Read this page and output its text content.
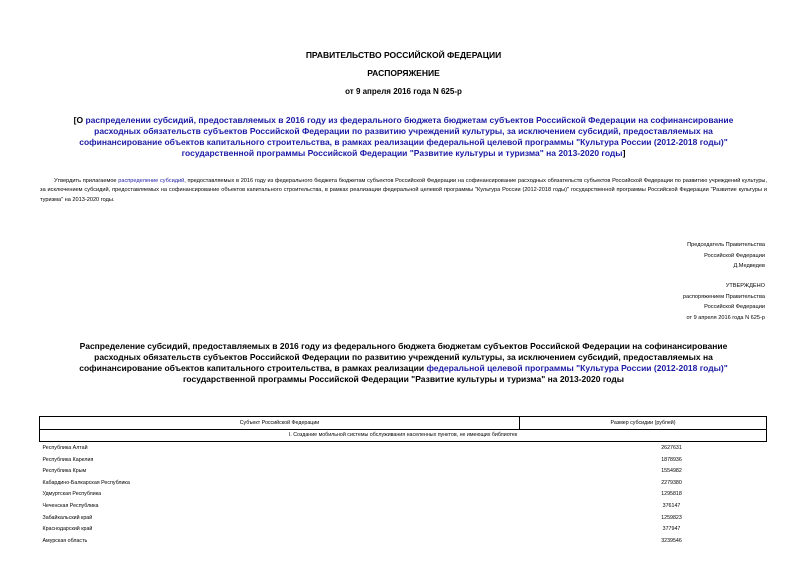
ПРАВИТЕЛЬСТВО РОССИЙСКОЙ ФЕДЕРАЦИИ
РАСПОРЯЖЕНИЕ
от 9 апреля 2016 года N 625-р
[О распределении субсидий, предоставляемых в 2016 году из федерального бюджета бюджетам субъектов Российской Федерации на софинансирование расходных обязательств субъектов Российской Федерации по развитию учреждений культуры, за исключением субсидий, предоставляемых на софинансирование объектов капитального строительства, в рамках реализации федеральной целевой программы "Культура России (2012-2018 годы)" государственной программы Российской Федерации "Развитие культуры и туризма" на 2013-2020 годы]
Утвердить прилагаемое распределение субсидий, предоставляемых в 2016 году из федерального бюджета бюджетам субъектов Российской Федерации на софинансирование расходных обязательств субъектов Российской Федерации по развитию учреждений культуры, за исключением субсидий, предоставляемых на софинансирование объектов капитального строительства, в рамках реализации федеральной целевой программы "Культура России (2012-2018 годы)" государственной программы Российской Федерации "Развитие культуры и туризма" на 2013-2020 годы.
Председатель Правительства
Российской Федерации
Д.Медведев
УТВЕРЖДЕНО
распоряжением Правительства
Российской Федерации
от 9 апреля 2016 года N 625-р
Распределение субсидий, предоставляемых в 2016 году из федерального бюджета бюджетам субъектов Российской Федерации на софинансирование расходных обязательств субъектов Российской Федерации по развитию учреждений культуры, за исключением субсидий, предоставляемых на софинансирование объектов капитального строительства, в рамках реализации федеральной целевой программы "Культура России (2012-2018 годы)" государственной программы Российской Федерации "Развитие культуры и туризма" на 2013-2020 годы
Субъект Российской Федерации	Размер субсидии (рублей)
I. Создание мобильной системы обслуживания населенных пунктов, не имеющих библиотек	
Республика Алтай	2627631
Республика Карелия	1878936
Республика Крым	1554982
Кабардино-Балкарская Республика	2279380
Удмуртская Республика	1295818
Чеченская Республика	376147
Забайкальский край	1259823
Краснодарский край	377947
Амурская область	3239546
